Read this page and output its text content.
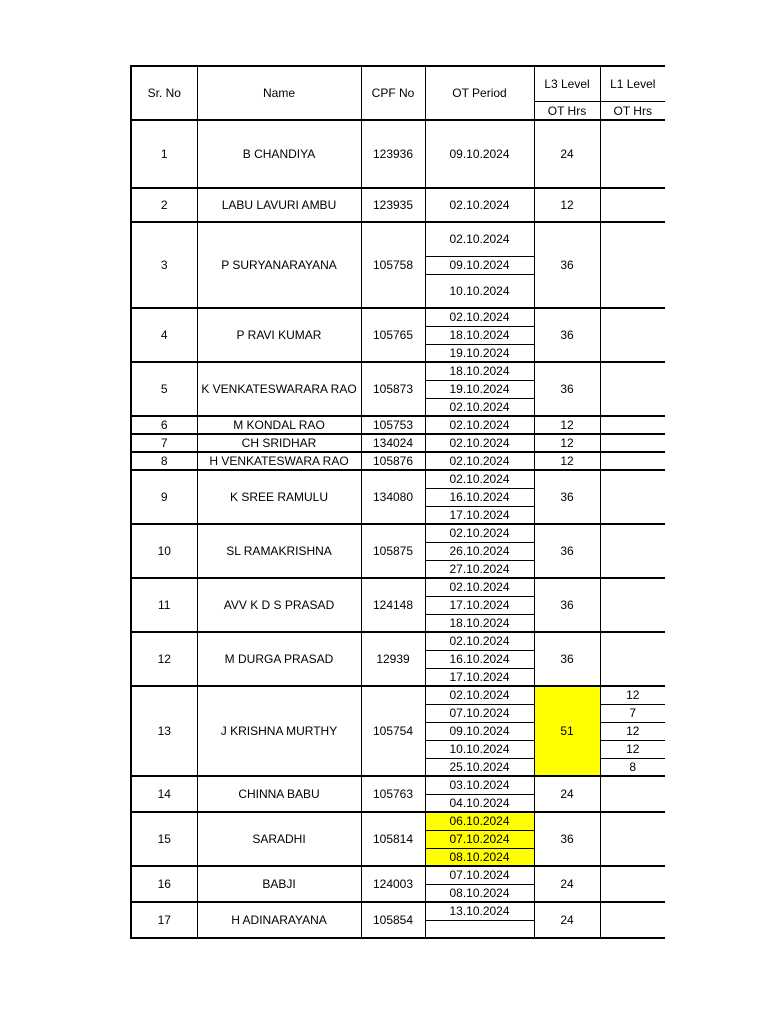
Sr. No	Name	CPF No	OT Period	L3 Level	L1 Level
				OT Hrs	OT Hrs
1	B CHANDIYA	123936	09.10.2024	24	
2	LABU LAVURI AMBU	123935	02.10.2024	12	
3	P SURYANARAYANA	105758	02.10.2024	36	
			09.10.2024		
			10.10.2024		
4	P RAVI KUMAR	105765	02.10.2024	36	
			18.10.2024		
			19.10.2024		
5	K VENKATESWARARA RAO	105873	18.10.2024	36	
			19.10.2024		
			02.10.2024		
6	M KONDAL RAO	105753	02.10.2024	12	
7	CH SRIDHAR	134024	02.10.2024	12	
8	H VENKATESWARA RAO	105876	02.10.2024	12	
9	K SREE RAMULU	134080	02.10.2024	36	
			16.10.2024		
			17.10.2024		
10	SL RAMAKRISHNA	105875	02.10.2024	36	
			26.10.2024		
			27.10.2024		
11	AVV K D S PRASAD	124148	02.10.2024	36	
			17.10.2024		
			18.10.2024		
12	M DURGA PRASAD	12939	02.10.2024	36	
			16.10.2024		
			17.10.2024		
13	J KRISHNA MURTHY	105754	02.10.2024	51	12
			07.10.2024		7
			09.10.2024		12
			10.10.2024		12
			25.10.2024		8
14	CHINNA BABU	105763	03.10.2024	24	
			04.10.2024		
15	SARADHI	105814	06.10.2024	36	
			07.10.2024		
			08.10.2024		
16	BABJI	124003	07.10.2024	24	
			08.10.2024		
17	H ADINARAYANA	105854	13.10.2024	24	
